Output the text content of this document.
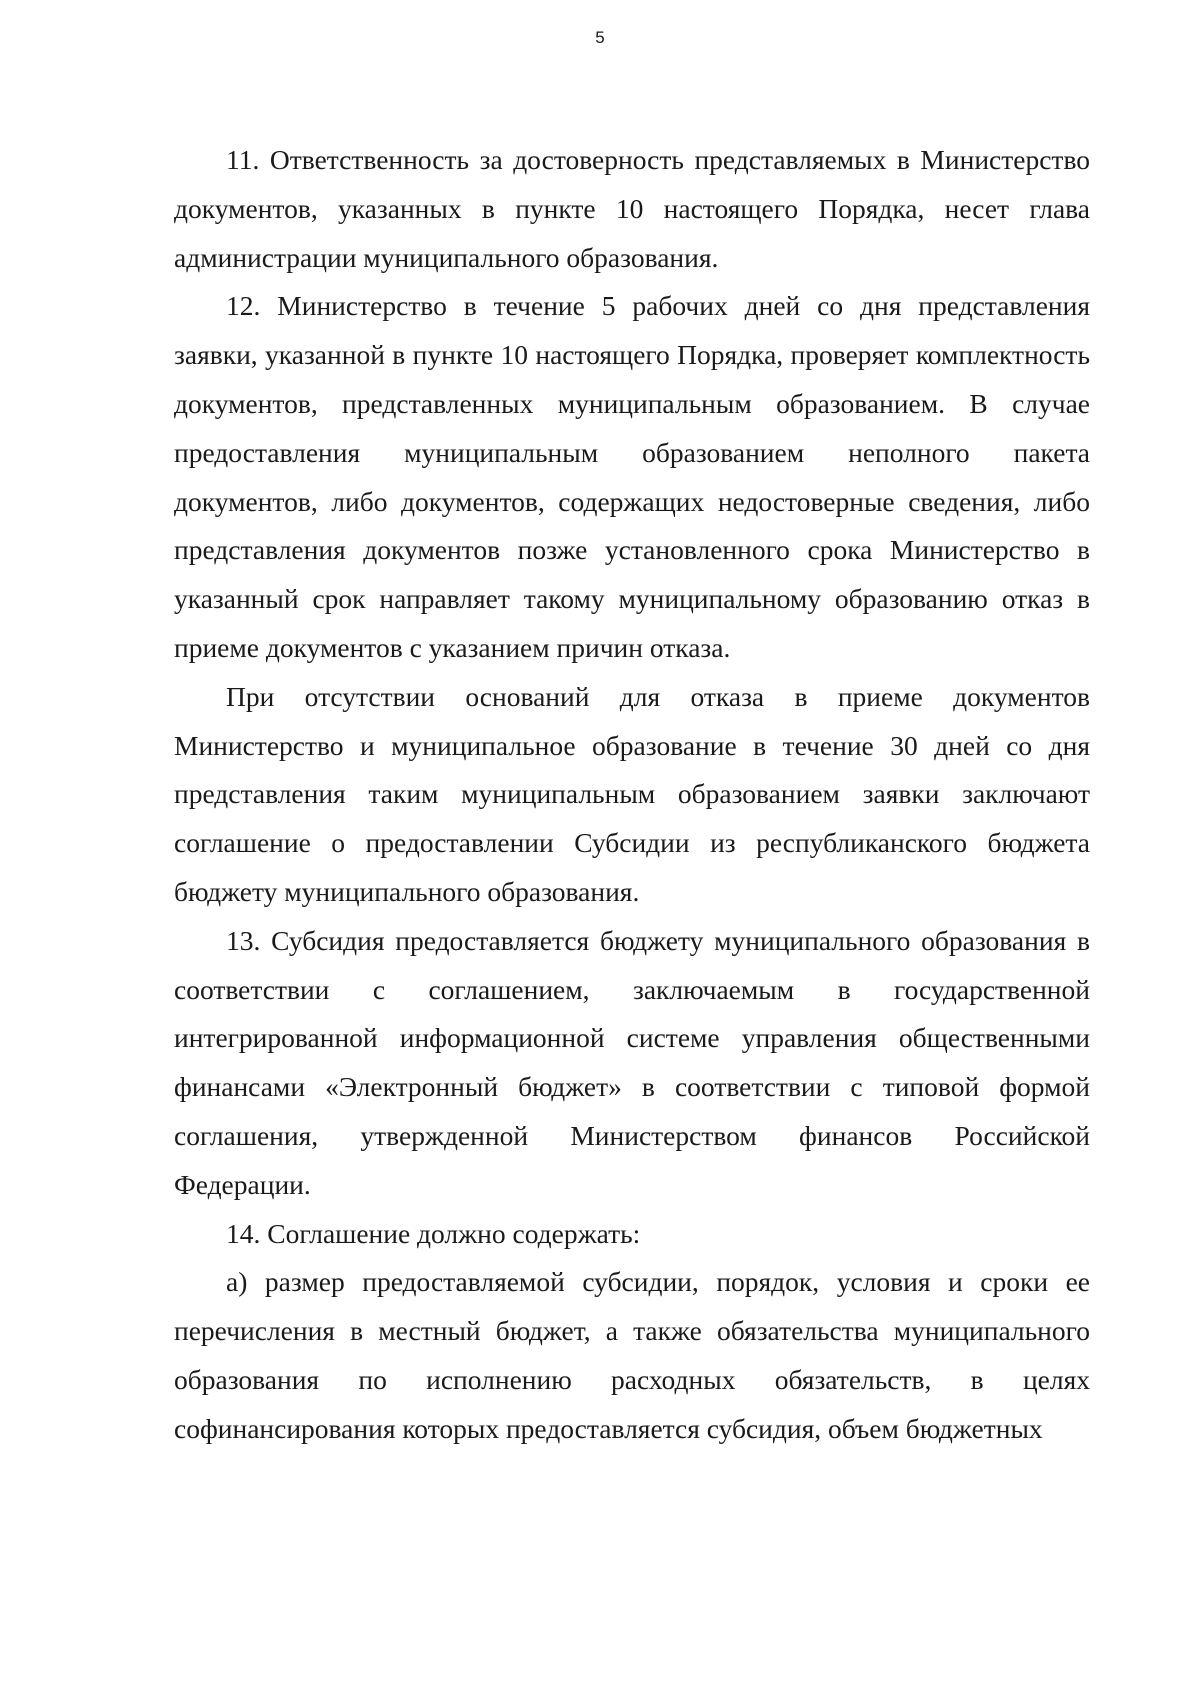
5

11. Ответственность за достоверность представляемых в Министерство документов, указанных в пункте 10 настоящего Порядка, несет глава администрации муниципального образования.

12. Министерство в течение 5 рабочих дней со дня представления заявки, указанной в пункте 10 настоящего Порядка, проверяет комплектность документов, представленных муниципальным образованием. В случае предоставления муниципальным образованием неполного пакета документов, либо документов, содержащих недостоверные сведения, либо представления документов позже установленного срока Министерство в указанный срок направляет такому муниципальному образованию отказ в приеме документов с указанием причин отказа.

При отсутствии оснований для отказа в приеме документов Министерство и муниципальное образование в течение 30 дней со дня представления таким муниципальным образованием заявки заключают соглашение о предоставлении Субсидии из республиканского бюджета бюджету муниципального образования.

13. Субсидия предоставляется бюджету муниципального образования в соответствии с соглашением, заключаемым в государственной интегрированной информационной системе управления общественными финансами «Электронный бюджет» в соответствии с типовой формой соглашения, утвержденной Министерством финансов Российской Федерации.

14. Соглашение должно содержать:

а) размер предоставляемой субсидии, порядок, условия и сроки ее перечисления в местный бюджет, а также обязательства муниципального образования по исполнению расходных обязательств, в целях софинансирования которых предоставляется субсидия, объем бюджетных
